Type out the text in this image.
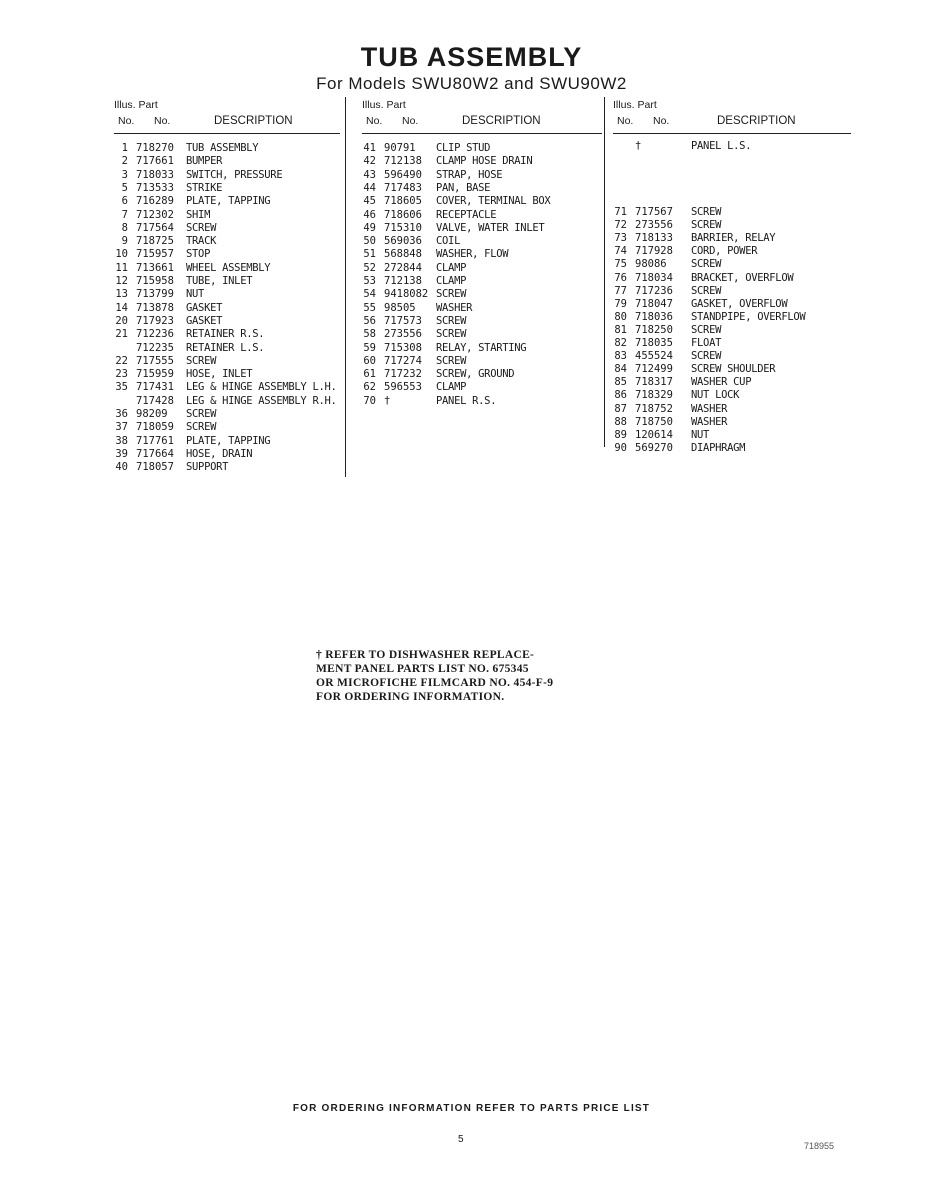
TUB ASSEMBLY
For Models SWU80W2 and SWU90W2
Illus. Part
No. No.	DESCRIPTION
1 718270 TUB ASSEMBLY
2 717661 BUMPER
3 718033 SWITCH, PRESSURE
5 713533 STRIKE
6 716289 PLATE, TAPPING
7 712302 SHIM
8 717564 SCREW
9 718725 TRACK
10 715957 STOP
11 713661 WHEEL ASSEMBLY
12 715958 TUBE, INLET
13 713799 NUT
14 713878 GASKET
20 717923 GASKET
21 712236 RETAINER R.S.
712235 RETAINER L.S.
22 717555 SCREW
23 715959 HOSE, INLET
35 717431 LEG & HINGE ASSEMBLY L.H.
717428 LEG & HINGE ASSEMBLY R.H.
36 98209 SCREW
37 718059 SCREW
38 717761 PLATE, TAPPING
39 717664 HOSE, DRAIN
40 718057 SUPPORT
Illus. Part
No. No.	DESCRIPTION
41 90791 CLIP STUD
42 712138 CLAMP HOSE DRAIN
43 596490 STRAP, HOSE
44 717483 PAN, BASE
45 718605 COVER, TERMINAL BOX
46 718606 RECEPTACLE
49 715310 VALVE, WATER INLET
50 569036 COIL
51 568848 WASHER, FLOW
52 272844 CLAMP
53 712138 CLAMP
54 9418082 SCREW
55 98505 WASHER
56 717573 SCREW
58 273556 SCREW
59 715308 RELAY, STARTING
60 717274 SCREW
61 717232 SCREW, GROUND
62 596553 CLAMP
70 †	PANEL R.S.
Illus. Part
No. No.	DESCRIPTION
†	PANEL L.S.
71 717567 SCREW
72 273556 SCREW
73 718133 BARRIER, RELAY
74 717928 CORD, POWER
75 98086 SCREW
76 718034 BRACKET, OVERFLOW
77 717236 SCREW
79 718047 GASKET, OVERFLOW
80 718036 STANDPIPE, OVERFLOW
81 718250 SCREW
82 718035 FLOAT
83 455524 SCREW
84 712499 SCREW SHOULDER
85 718317 WASHER CUP
86 718329 NUT LOCK
87 718752 WASHER
88 718750 WASHER
89 120614 NUT
90 569270 DIAPHRAGM
† REFER TO DISHWASHER REPLACE-
MENT PANEL PARTS LIST NO. 675345
OR MICROFICHE FILMCARD NO. 454-F-9
FOR ORDERING INFORMATION.
FOR ORDERING INFORMATION REFER TO PARTS PRICE LIST
5
718955
